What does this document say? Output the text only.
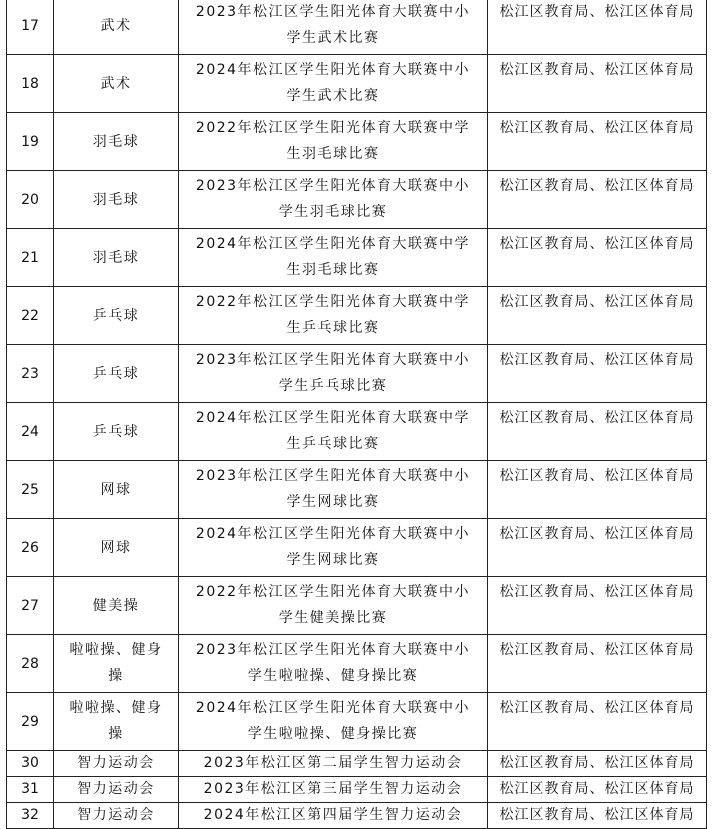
17	武术	2023年松江区学生阳光体育大联赛中小学生武术比赛	松江区教育局、松江区体育局
18	武术	2024年松江区学生阳光体育大联赛中小学生武术比赛	松江区教育局、松江区体育局
19	羽毛球	2022年松江区学生阳光体育大联赛中学生羽毛球比赛	松江区教育局、松江区体育局
20	羽毛球	2023年松江区学生阳光体育大联赛中小学生羽毛球比赛	松江区教育局、松江区体育局
21	羽毛球	2024年松江区学生阳光体育大联赛中学生羽毛球比赛	松江区教育局、松江区体育局
22	乒乓球	2022年松江区学生阳光体育大联赛中学生乒乓球比赛	松江区教育局、松江区体育局
23	乒乓球	2023年松江区学生阳光体育大联赛中小学生乒乓球比赛	松江区教育局、松江区体育局
24	乒乓球	2024年松江区学生阳光体育大联赛中学生乒乓球比赛	松江区教育局、松江区体育局
25	网球	2023年松江区学生阳光体育大联赛中小学生网球比赛	松江区教育局、松江区体育局
26	网球	2024年松江区学生阳光体育大联赛中小学生网球比赛	松江区教育局、松江区体育局
27	健美操	2022年松江区学生阳光体育大联赛中小学生健美操比赛	松江区教育局、松江区体育局
28	啦啦操、健身操	2023年松江区学生阳光体育大联赛中小学生啦啦操、健身操比赛	松江区教育局、松江区体育局
29	啦啦操、健身操	2024年松江区学生阳光体育大联赛中小学生啦啦操、健身操比赛	松江区教育局、松江区体育局
30	智力运动会	2023年松江区第二届学生智力运动会	松江区教育局、松江区体育局
31	智力运动会	2023年松江区第三届学生智力运动会	松江区教育局、松江区体育局
32	智力运动会	2024年松江区第四届学生智力运动会	松江区教育局、松江区体育局
